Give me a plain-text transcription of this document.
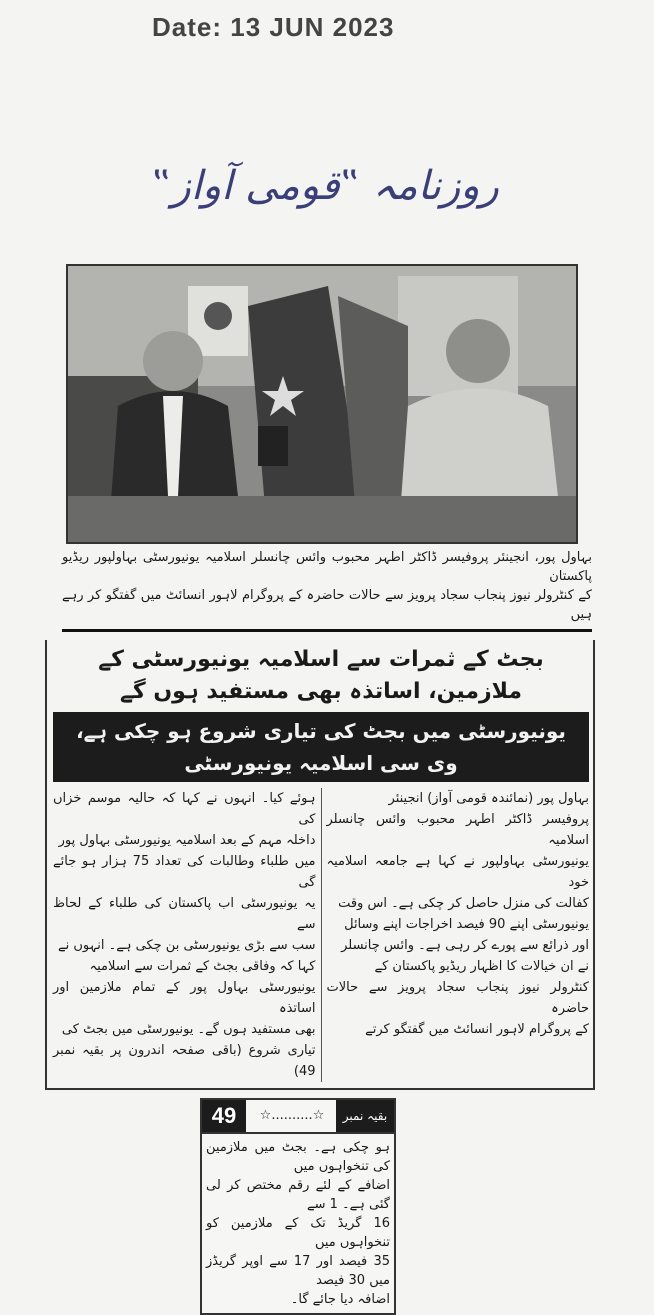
Date: 13 JUN 2023
روزنامہ ‟قومی آواز‟
بہاول پور، انجینئر پروفیسر ڈاکٹر اطہر محبوب وائس چانسلر اسلامیہ یونیورسٹی بہاولپور ریڈیو پاکستان
کے کنٹرولر نیوز پنجاب سجاد پرویز سے حالات حاضرہ کے پروگرام لاہور انسائٹ میں گفتگو کر رہے ہیں
بجٹ کے ثمرات سے اسلامیہ یونیورسٹی کے ملازمین، اساتذہ بھی مستفید ہوں گے
یونیورسٹی میں بجٹ کی تیاری شروع ہو چکی ہے، وی سی اسلامیہ یونیورسٹی
بہاول پور (نمائندہ قومی آواز) انجینئر
پروفیسر ڈاکٹر اطہر محبوب وائس چانسلر اسلامیہ
یونیورسٹی بہاولپور نے کہا ہے جامعہ اسلامیہ خود
کفالت کی منزل حاصل کر چکی ہے۔ اس وقت
یونیورسٹی اپنے 90 فیصد اخراجات اپنے وسائل
اور ذرائع سے پورے کر رہی ہے۔ وائس چانسلر
نے ان خیالات کا اظہار ریڈیو پاکستان کے
کنٹرولر نیوز پنجاب سجاد پرویز سے حالات حاضرہ
کے پروگرام لاہور انسائٹ میں گفتگو کرتے
ہوئے کیا۔ انہوں نے کہا کہ حالیہ موسم خزاں کی
داخلہ مہم کے بعد اسلامیہ یونیورسٹی بہاول پور
میں طلباء وطالبات کی تعداد 75 ہزار ہو جائے گی
یہ یونیورسٹی اب پاکستان کی طلباء کے لحاظ سے
سب سے بڑی یونیورسٹی بن چکی ہے۔ انہوں نے
کہا کہ وفاقی بجٹ کے ثمرات سے اسلامیہ
یونیورسٹی بہاول پور کے تمام ملازمین اور اساتذہ
بھی مستفید ہوں گے۔ یونیورسٹی میں بجٹ کی
تیاری شروع (باقی صفحہ اندرون پر بقیہ نمبر 49)
49	☆..........☆	بقیہ نمبر
ہو چکی ہے۔ بجٹ میں ملازمین کی تنخواہوں میں
اضافے کے لئے رقم مختص کر لی گئی ہے۔ 1 سے
16 گریڈ تک کے ملازمین کو تنخواہوں میں
35 فیصد اور 17 سے اوپر گریڈز میں 30 فیصد
اضافہ دیا جائے گا۔
